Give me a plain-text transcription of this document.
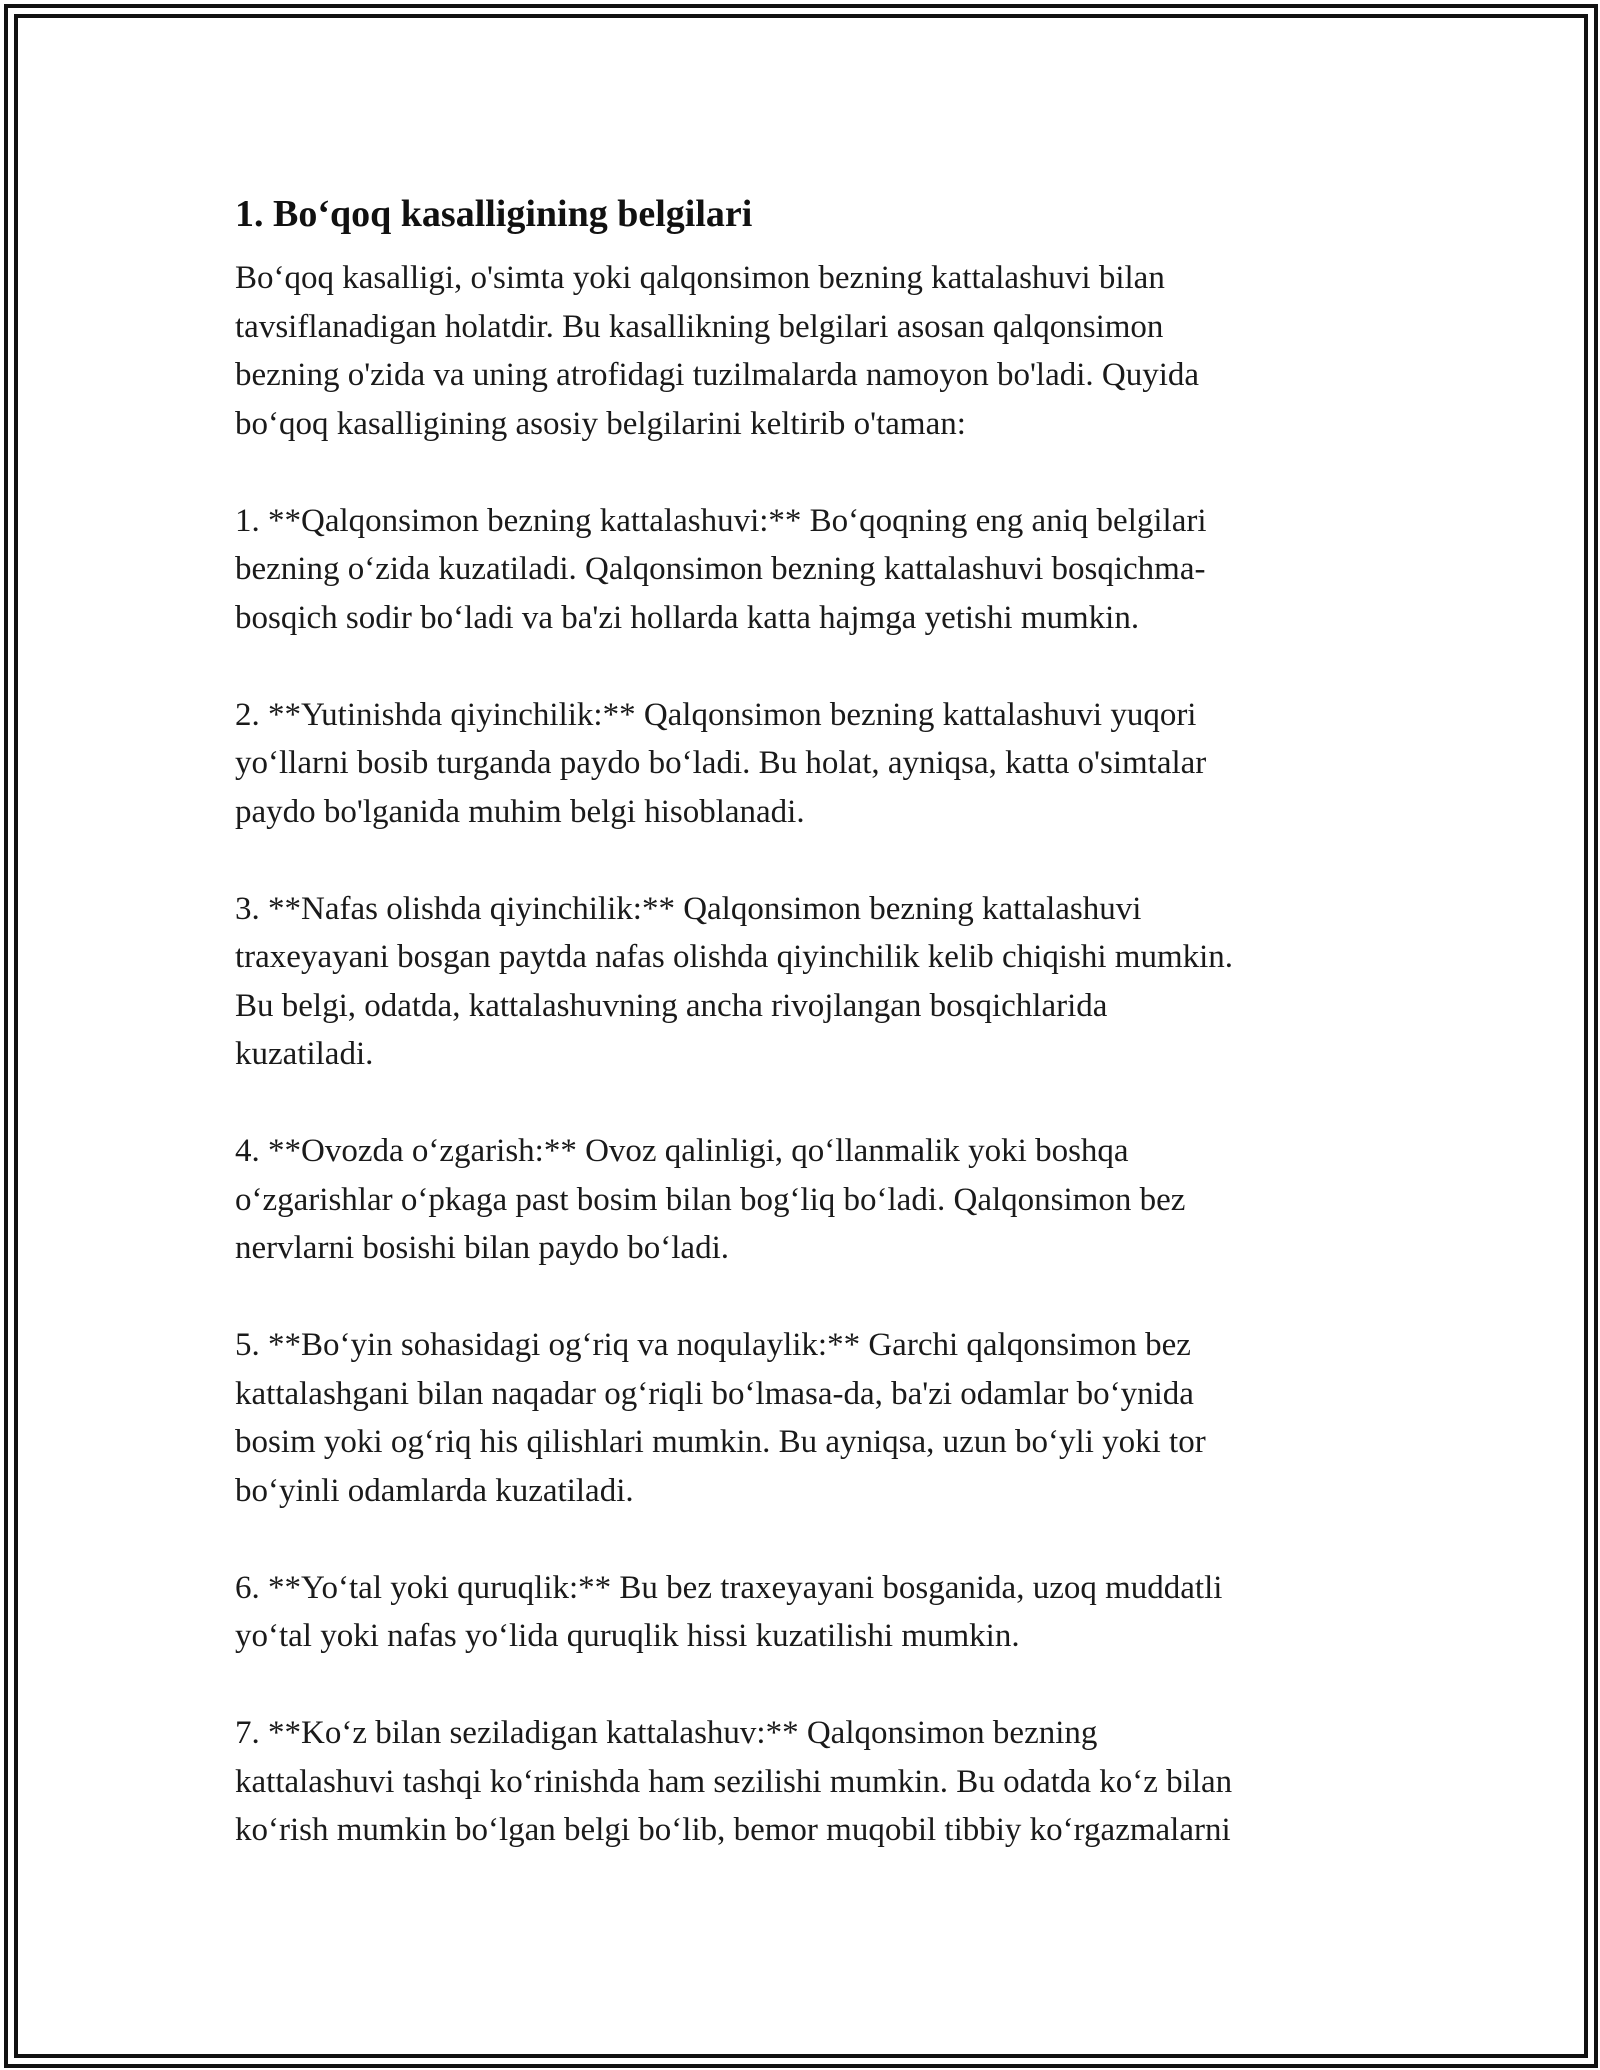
1. Bo‘qoq kasalligining belgilari

Bo‘qoq kasalligi, o'simta yoki qalqonsimon bezning kattalashuvi bilan
tavsiflanadigan holatdir. Bu kasallikning belgilari asosan qalqonsimon
bezning o'zida va uning atrofidagi tuzilmalarda namoyon bo'ladi. Quyida
bo‘qoq kasalligining asosiy belgilarini keltirib o'taman:

1. **Qalqonsimon bezning kattalashuvi:** Bo‘qoqning eng aniq belgilari
bezning o‘zida kuzatiladi. Qalqonsimon bezning kattalashuvi bosqichma-
bosqich sodir bo‘ladi va ba'zi hollarda katta hajmga yetishi mumkin.

2. **Yutinishda qiyinchilik:** Qalqonsimon bezning kattalashuvi yuqori
yo‘llarni bosib turganda paydo bo‘ladi. Bu holat, ayniqsa, katta o'simtalar
paydo bo'lganida muhim belgi hisoblanadi.

3. **Nafas olishda qiyinchilik:** Qalqonsimon bezning kattalashuvi
traxeyayani bosgan paytda nafas olishda qiyinchilik kelib chiqishi mumkin.
Bu belgi, odatda, kattalashuvning ancha rivojlangan bosqichlarida
kuzatiladi.

4. **Ovozda o‘zgarish:** Ovoz qalinligi, qo‘llanmalik yoki boshqa
o‘zgarishlar o‘pkaga past bosim bilan bog‘liq bo‘ladi. Qalqonsimon bez
nervlarni bosishi bilan paydo bo‘ladi.

5. **Bo‘yin sohasidagi og‘riq va noqulaylik:** Garchi qalqonsimon bez
kattalashgani bilan naqadar og‘riqli bo‘lmasa-da, ba'zi odamlar bo‘ynida
bosim yoki og‘riq his qilishlari mumkin. Bu ayniqsa, uzun bo‘yli yoki tor
bo‘yinli odamlarda kuzatiladi.

6. **Yo‘tal yoki quruqlik:** Bu bez traxeyayani bosganida, uzoq muddatli
yo‘tal yoki nafas yo‘lida quruqlik hissi kuzatilishi mumkin.

7. **Ko‘z bilan seziladigan kattalashuv:** Qalqonsimon bezning
kattalashuvi tashqi ko‘rinishda ham sezilishi mumkin. Bu odatda ko‘z bilan
ko‘rish mumkin bo‘lgan belgi bo‘lib, bemor muqobil tibbiy ko‘rgazmalarni
